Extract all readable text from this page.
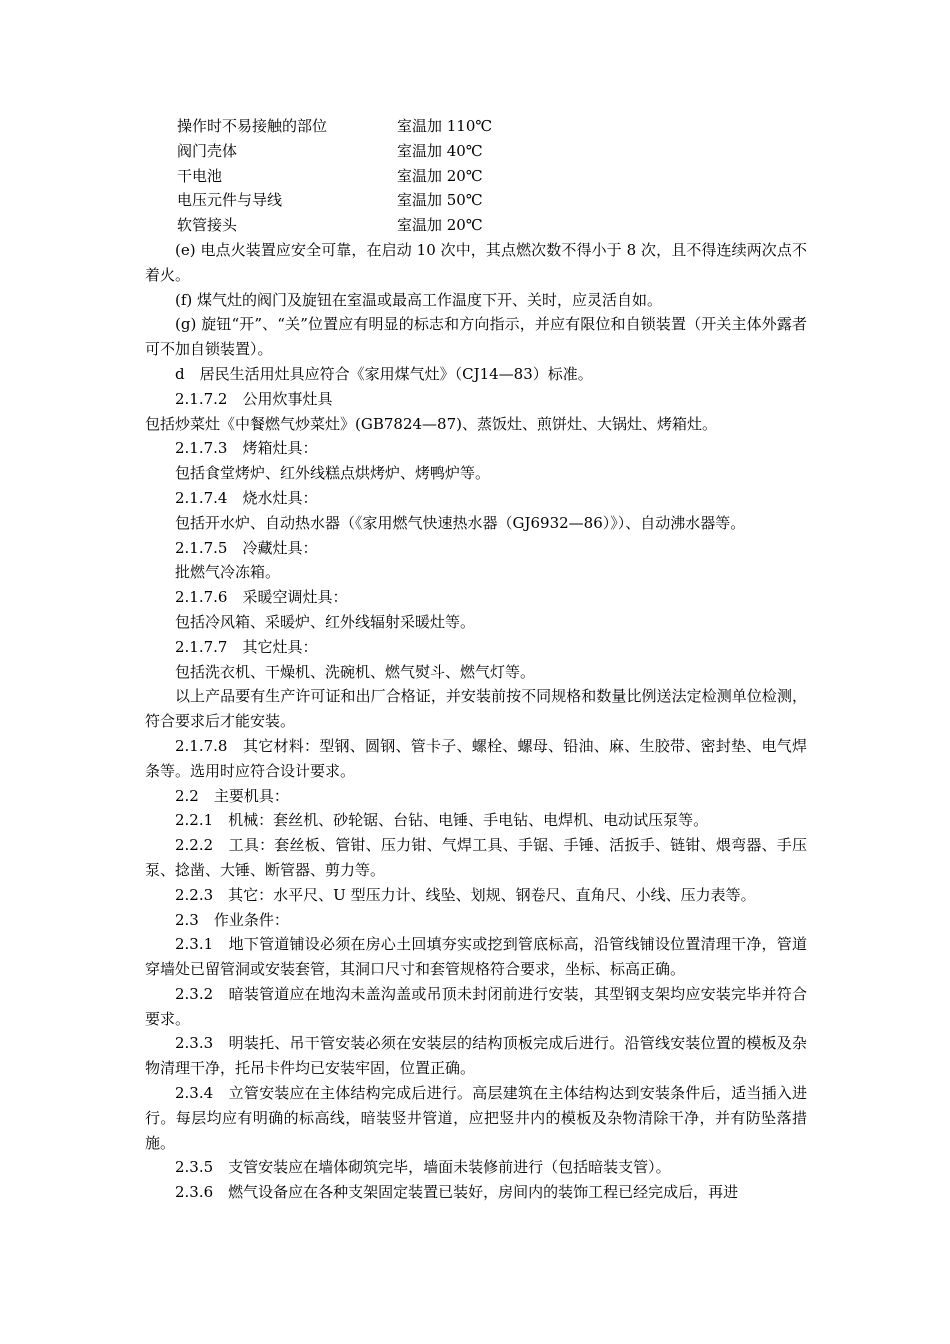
操作时不易接触的部位	室温加 110℃
阀门壳体	室温加 40℃
干电池	室温加 20℃
电压元件与导线	室温加 50℃
软管接头	室温加 20℃

(e) 电点火装置应安全可靠，在启动 10 次中，其点燃次数不得小于 8 次，且不得连续两次点不着火。

(f) 煤气灶的阀门及旋钮在室温或最高工作温度下开、关时，应灵活自如。

(g) 旋钮“开”、“关”位置应有明显的标志和方向指示，并应有限位和自锁装置（开关主体外露者可不加自锁装置）。

d　居民生活用灶具应符合《家用煤气灶》（CJ14—83）标准。

2.1.7.2　公用炊事灶具

包括炒菜灶《中餐燃气炒菜灶》(GB7824—87)、蒸饭灶、煎饼灶、大锅灶、烤箱灶。

2.1.7.3　烤箱灶具：

包括食堂烤炉、红外线糕点烘烤炉、烤鸭炉等。

2.1.7.4　烧水灶具：

包括开水炉、自动热水器（《家用燃气快速热水器（GJ6932—86）》）、自动沸水器等。

2.1.7.5　冷藏灶具：

批燃气冷冻箱。

2.1.7.6　采暖空调灶具：

包括冷风箱、采暖炉、红外线辐射采暖灶等。

2.1.7.7　其它灶具：

包括洗衣机、干燥机、洗碗机、燃气熨斗、燃气灯等。

以上产品要有生产许可证和出厂合格证，并安装前按不同规格和数量比例送法定检测单位检测，符合要求后才能安装。

2.1.7.8　其它材料：型钢、圆钢、管卡子、螺栓、螺母、铅油、麻、生胶带、密封垫、电气焊条等。选用时应符合设计要求。

2.2　主要机具：

2.2.1　机械：套丝机、砂轮锯、台钻、电锤、手电钻、电焊机、电动试压泵等。

2.2.2　工具：套丝板、管钳、压力钳、气焊工具、手锯、手锤、活扳手、链钳、煨弯器、手压泵、捻凿、大锤、断管器、剪力等。

2.2.3　其它：水平尺、U 型压力计、线坠、划规、钢卷尺、直角尺、小线、压力表等。

2.3　作业条件：

2.3.1　地下管道铺设必须在房心土回填夯实或挖到管底标高，沿管线铺设位置清理干净，管道穿墙处已留管洞或安装套管，其洞口尺寸和套管规格符合要求，坐标、标高正确。

2.3.2　暗装管道应在地沟未盖沟盖或吊顶未封闭前进行安装，其型钢支架均应安装完毕并符合要求。

2.3.3　明装托、吊干管安装必须在安装层的结构顶板完成后进行。沿管线安装位置的模板及杂物清理干净，托吊卡件均已安装牢固，位置正确。

2.3.4　立管安装应在主体结构完成后进行。高层建筑在主体结构达到安装条件后，适当插入进行。每层均应有明确的标高线，暗装竖井管道，应把竖井内的模板及杂物清除干净，并有防坠落措施。

2.3.5　支管安装应在墙体砌筑完毕，墙面未装修前进行（包括暗装支管）。

2.3.6　燃气设备应在各种支架固定装置已装好，房间内的装饰工程已经完成后，再进
